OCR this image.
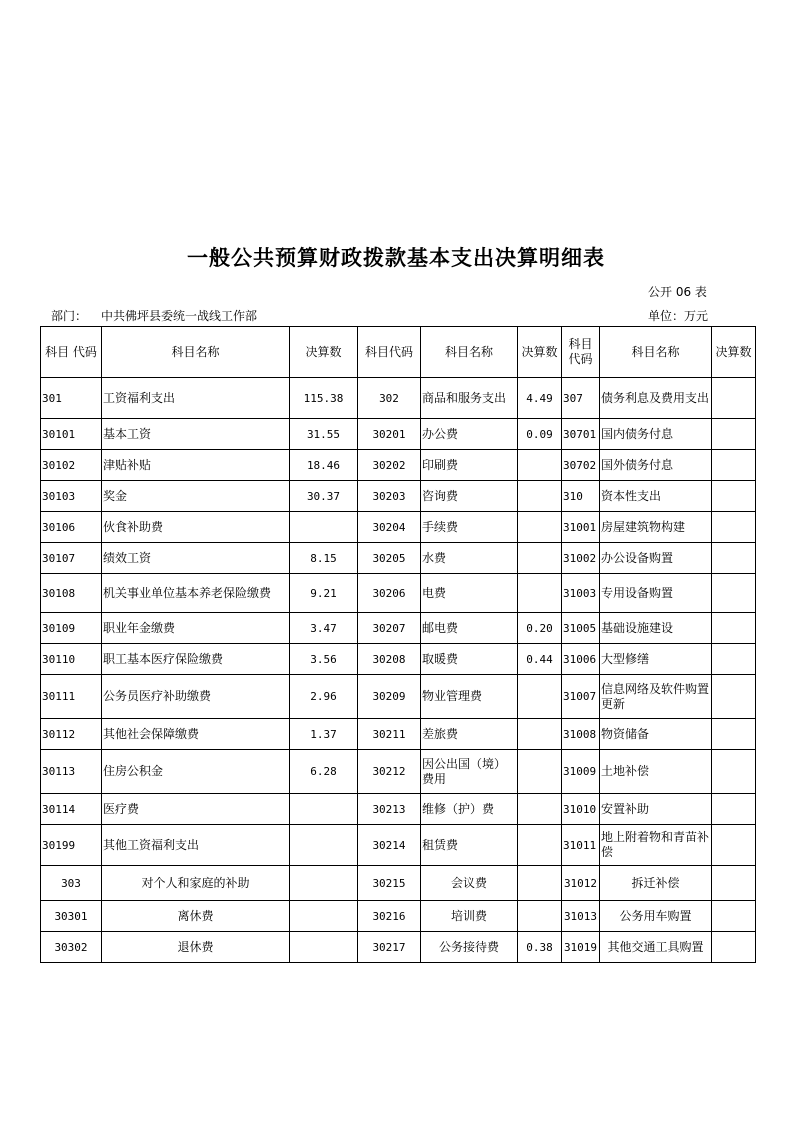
一般公共预算财政拨款基本支出决算明细表
公开 06 表
部门： 中共佛坪县委统一战线工作部	单位：万元
科目 代码	科目名称	决算数	科目代码	科目名称	决算数	科目代码	科目名称	决算数
301	工资福利支出	115.38	302	商品和服务支出	4.49	307	债务利息及费用支出	
30101	基本工资	31.55	30201	办公费	0.09	30701	国内债务付息	
30102	津贴补贴	18.46	30202	印刷费		30702	国外债务付息	
30103	奖金	30.37	30203	咨询费		310	资本性支出	
30106	伙食补助费		30204	手续费		31001	房屋建筑物构建	
30107	绩效工资	8.15	30205	水费		31002	办公设备购置	
30108	机关事业单位基本养老保险缴费	9.21	30206	电费		31003	专用设备购置	
30109	职业年金缴费	3.47	30207	邮电费	0.20	31005	基础设施建设	
30110	职工基本医疗保险缴费	3.56	30208	取暖费	0.44	31006	大型修缮	
30111	公务员医疗补助缴费	2.96	30209	物业管理费		31007	信息网络及软件购置更新	
30112	其他社会保障缴费	1.37	30211	差旅费		31008	物资储备	
30113	住房公积金	6.28	30212	因公出国（境）费用		31009	土地补偿	
30114	医疗费		30213	维修（护）费		31010	安置补助	
30199	其他工资福利支出		30214	租赁费		31011	地上附着物和青苗补偿	
303	对个人和家庭的补助		30215	会议费		31012	拆迁补偿	
30301	离休费		30216	培训费		31013	公务用车购置	
30302	退休费		30217	公务接待费	0.38	31019	其他交通工具购置	
